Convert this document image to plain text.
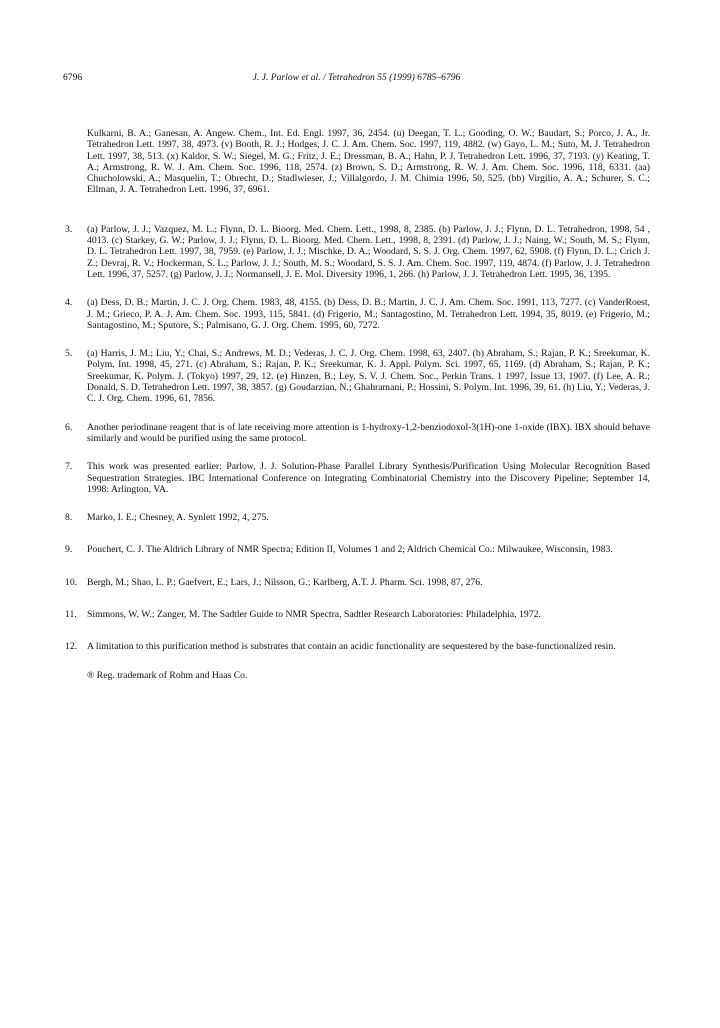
6796	J. J. Parlow et al. / Tetrahedron 55 (1999) 6785–6796
Kulkarni, B. A.; Ganesan, A. Angew. Chem., Int. Ed. Engl. 1997, 36, 2454. (u) Deegan, T. L.; Gooding, O. W.; Baudart, S.; Porco, J. A., Jr. Tetrahedron Lett. 1997, 38, 4973. (v) Booth, R. J.; Hodges, J. C. J. Am. Chem. Soc. 1997, 119, 4882. (w) Gayo, L. M.; Suto, M. J. Tetrahedron Lett. 1997, 38, 513. (x) Kaldor, S. W.; Siegel, M. G.; Fritz, J. E.; Dressman, B. A.; Hahn, P. J. Tetrahedron Lett. 1996, 37, 7193. (y) Keating, T. A.; Armstrong, R. W. J. Am. Chem. Soc. 1996, 118, 2574. (z) Brown, S. D.; Armstrong, R. W. J. Am. Chem. Soc. 1996, 118, 6331. (aa) Chucholowski, A.; Masquelin, T.; Obrecht, D.; Stadlwieser, J.; Villalgordo, J. M. Chimia 1996, 50, 525. (bb) Virgilio, A. A.; Schurer, S. C.; Ellman, J. A. Tetrahedron Lett. 1996, 37, 6961.
3.	(a) Parlow, J. J.; Vazquez, M. L.; Flynn, D. L. Bioorg. Med. Chem. Lett., 1998, 8, 2385. (b) Parlow, J. J.; Flynn, D. L. Tetrahedron, 1998, 54 , 4013. (c) Starkey, G. W.; Parlow, J. J.; Flynn, D. L. Bioorg. Med. Chem. Lett., 1998, 8, 2391. (d) Parlow, J. J.; Naing, W.; South, M. S.; Flynn, D. L. Tetrahedron Lett. 1997, 38, 7959. (e) Parlow, J. J.; Mischke, D. A.; Woodard, S. S. J. Org. Chem. 1997, 62, 5908. (f) Flynn, D. L.; Crich J. Z.; Devraj, R. V.; Hockerman, S. L.; Parlow, J. J.; South, M. S.; Woodard, S. S. J. Am. Chem. Soc. 1997, 119, 4874. (f) Parlow, J. J. Tetrahedron Lett. 1996, 37, 5257. (g) Parlow, J. J.; Normansell, J. E. Mol. Diversity 1996, 1, 266. (h) Parlow, J. J. Tetrahedron Lett. 1995, 36, 1395.
4.	(a) Dess, D. B.; Martin, J. C. J. Org. Chem. 1983, 48, 4155. (b) Dess, D. B.; Martin, J. C. J. Am. Chem. Soc. 1991, 113, 7277. (c) VanderRoest, J. M.; Grieco, P. A. J. Am. Chem. Soc. 1993, 115, 5841. (d) Frigerio, M.; Santagostino, M. Tetrahedron Lett. 1994, 35, 8019. (e) Frigerio, M.; Santagostino, M.; Sputore, S.; Palmisano, G. J. Org. Chem. 1995, 60, 7272.
5.	(a) Harris, J. M.; Liu, Y.; Chai, S.; Andrews, M. D.; Vederas, J. C. J. Org. Chem. 1998, 63, 2407. (b) Abraham, S.; Rajan, P. K.; Sreekumar, K. Polym. Int. 1998, 45, 271. (c) Abraham, S.; Rajan, P. K.; Sreekumar, K. J. Appl. Polym. Sci. 1997, 65, 1169. (d) Abraham, S.; Rajan, P. K.; Sreekumar, K. Polym. J. (Tokyo) 1997, 29, 12. (e) Hinzen, B.; Ley, S. V. J. Chem. Soc., Perkin Trans. 1 1997, Issue 13, 1907. (f) Lee, A. R.; Donald, S. D. Tetrahedron Lett. 1997, 38, 3857. (g) Goudarzian, N.; Ghahramani, P.; Hossini, S. Polym. Int. 1996, 39, 61. (h) Liu, Y.; Vederas, J. C. J. Org. Chem. 1996, 61, 7856.
6.	Another periodinane reagent that is of late receiving more attention is 1-hydroxy-1,2-benziodoxol-3(1H)-one 1-oxide (IBX). IBX should behave similarly and would be purified using the same protocol.
7.	This work was presented earlier: Parlow, J. J. Solution-Phase Parallel Library Synthesis/Purification Using Molecular Recognition Based Sequestration Strategies. IBC International Conference on Integrating Combinatorial Chemistry into the Discovery Pipeline; September 14, 1998: Arlington, VA.
8.	Marko, I. E.; Chesney, A. Synlett 1992, 4, 275.
9.	Pouchert, C. J. The Aldrich Library of NMR Spectra; Edition II, Volumes 1 and 2; Aldrich Chemical Co.: Milwaukee, Wisconsin, 1983.
10.	Bergh, M.; Shao, L. P.; Gaefvert, E.; Lars, J.; Nilsson, G.; Karlberg, A.T. J. Pharm. Sci. 1998, 87, 276.
11.	Simmons, W. W.; Zanger, M. The Sadtler Guide to NMR Spectra, Sadtler Research Laboratories: Philadelphia, 1972.
12.	A limitation to this purification method is substrates that contain an acidic functionality are sequestered by the base-functionalized resin.
® Reg. trademark of Rohm and Haas Co.
